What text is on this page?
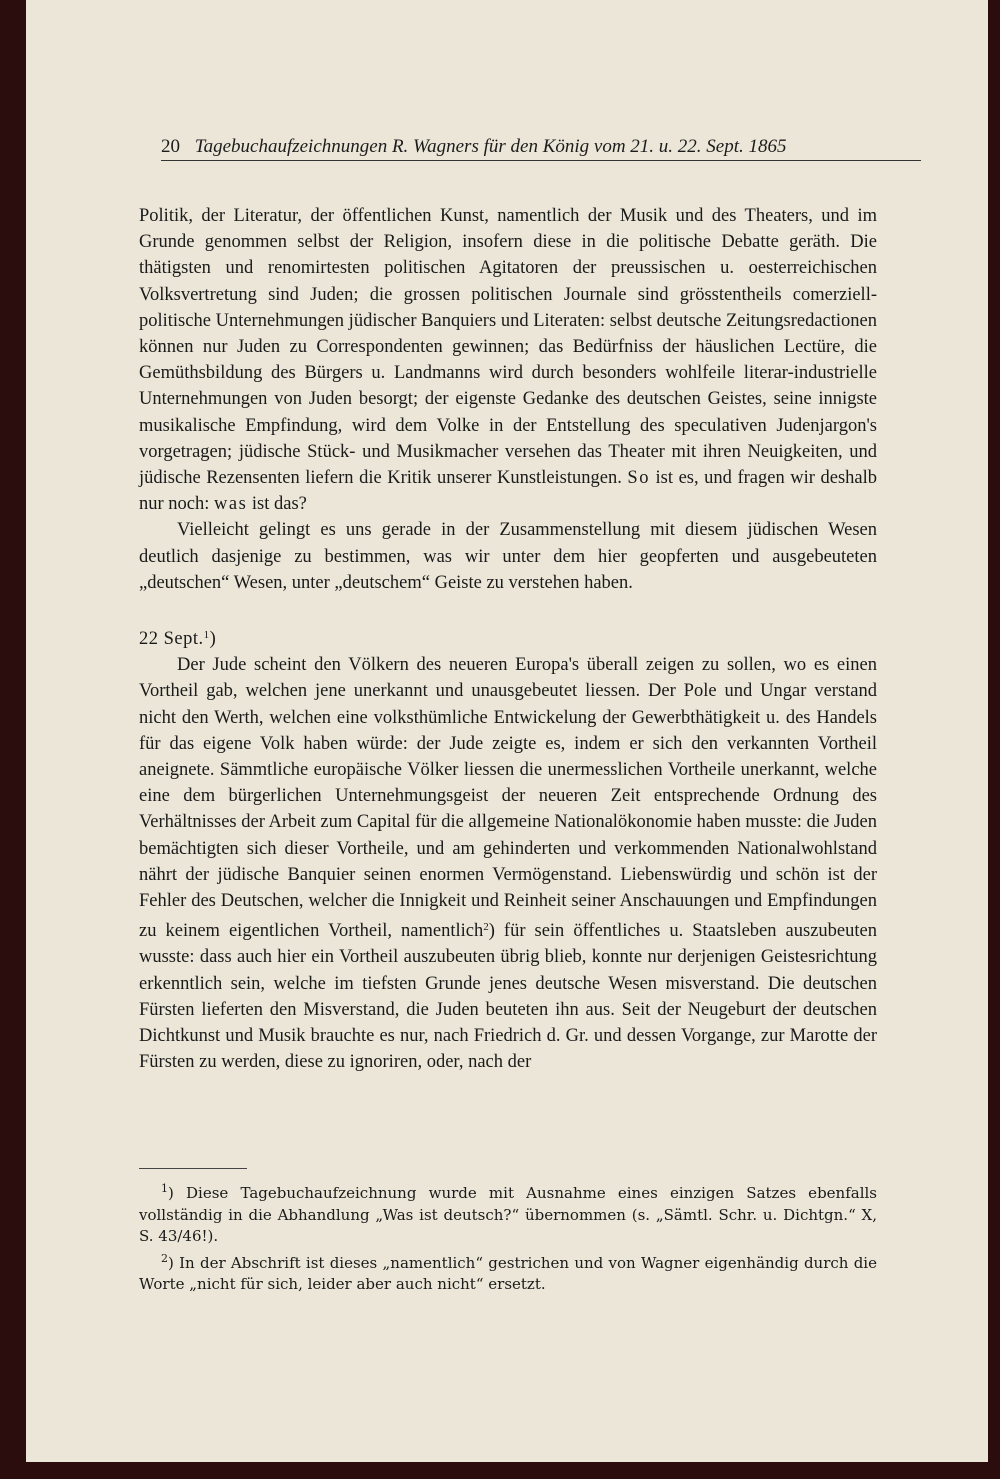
20 Tagebuchaufzeichnungen R. Wagners für den König vom 21. u. 22. Sept. 1865

Politik, der Literatur, der öffentlichen Kunst, namentlich der Musik und des Theaters, und im Grunde genommen selbst der Religion, insofern diese in die politische Debatte geräth. Die thätigsten und renomirtesten politischen Agitatoren der preussischen u. oesterreichischen Volksvertretung sind Juden; die grossen politischen Journale sind grösstentheils comerziell-politische Unternehmungen jüdischer Banquiers und Literaten: selbst deutsche Zeitungsredactionen können nur Juden zu Correspondenten gewinnen; das Bedürfniss der häuslichen Lectüre, die Gemüthsbildung des Bürgers u. Landmanns wird durch besonders wohlfeile literar-industrielle Unternehmungen von Juden besorgt; der eigenste Gedanke des deutschen Geistes, seine innigste musikalische Empfindung, wird dem Volke in der Entstellung des speculativen Judenjargon's vorgetragen; jüdische Stück- und Musikmacher versehen das Theater mit ihren Neuigkeiten, und jüdische Rezensenten liefern die Kritik unserer Kunstleistungen. So ist es, und fragen wir deshalb nur noch: was ist das?

Vielleicht gelingt es uns gerade in der Zusammenstellung mit diesem jüdischen Wesen deutlich dasjenige zu bestimmen, was wir unter dem hier geopferten und ausgebeuteten „deutschen“ Wesen, unter „deutschem“ Geiste zu verstehen haben.

22 Sept.$^1$)

Der Jude scheint den Völkern des neueren Europa's überall zeigen zu sollen, wo es einen Vortheil gab, welchen jene unerkannt und unausgebeutet liessen. Der Pole und Ungar verstand nicht den Werth, welchen eine volksthümliche Entwickelung der Gewerbthätigkeit u. des Handels für das eigene Volk haben würde: der Jude zeigte es, indem er sich den verkannten Vortheil aneignete. Sämmtliche europäische Völker liessen die unermesslichen Vortheile unerkannt, welche eine dem bürgerlichen Unternehmungsgeist der neueren Zeit entsprechende Ordnung des Verhältnisses der Arbeit zum Capital für die allgemeine Nationalökonomie haben musste: die Juden bemächtigten sich dieser Vortheile, und am gehinderten und verkommenden Nationalwohlstand nährt der jüdische Banquier seinen enormen Vermögenstand. Liebenswürdig und schön ist der Fehler des Deutschen, welcher die Innigkeit und Reinheit seiner Anschauungen und Empfindungen zu keinem eigentlichen Vortheil, namentlich$^2$) für sein öffentliches u. Staatsleben auszubeuten wusste: dass auch hier ein Vortheil auszubeuten übrig blieb, konnte nur derjenigen Geistesrichtung erkenntlich sein, welche im tiefsten Grunde jenes deutsche Wesen misverstand. Die deutschen Fürsten lieferten den Misverstand, die Juden beuteten ihn aus. Seit der Neugeburt der deutschen Dichtkunst und Musik brauchte es nur, nach Friedrich d. Gr. und dessen Vorgange, zur Marotte der Fürsten zu werden, diese zu ignoriren, oder, nach der

$^1$) Diese Tagebuchaufzeichnung wurde mit Ausnahme eines einzigen Satzes ebenfalls vollständig in die Abhandlung „Was ist deutsch?“ übernommen (s. „Sämtl. Schr. u. Dichtgn.“ X, S. 43/46!).

$^2$) In der Abschrift ist dieses „namentlich“ gestrichen und von Wagner eigenhändig durch die Worte „nicht für sich, leider aber auch nicht“ ersetzt.
